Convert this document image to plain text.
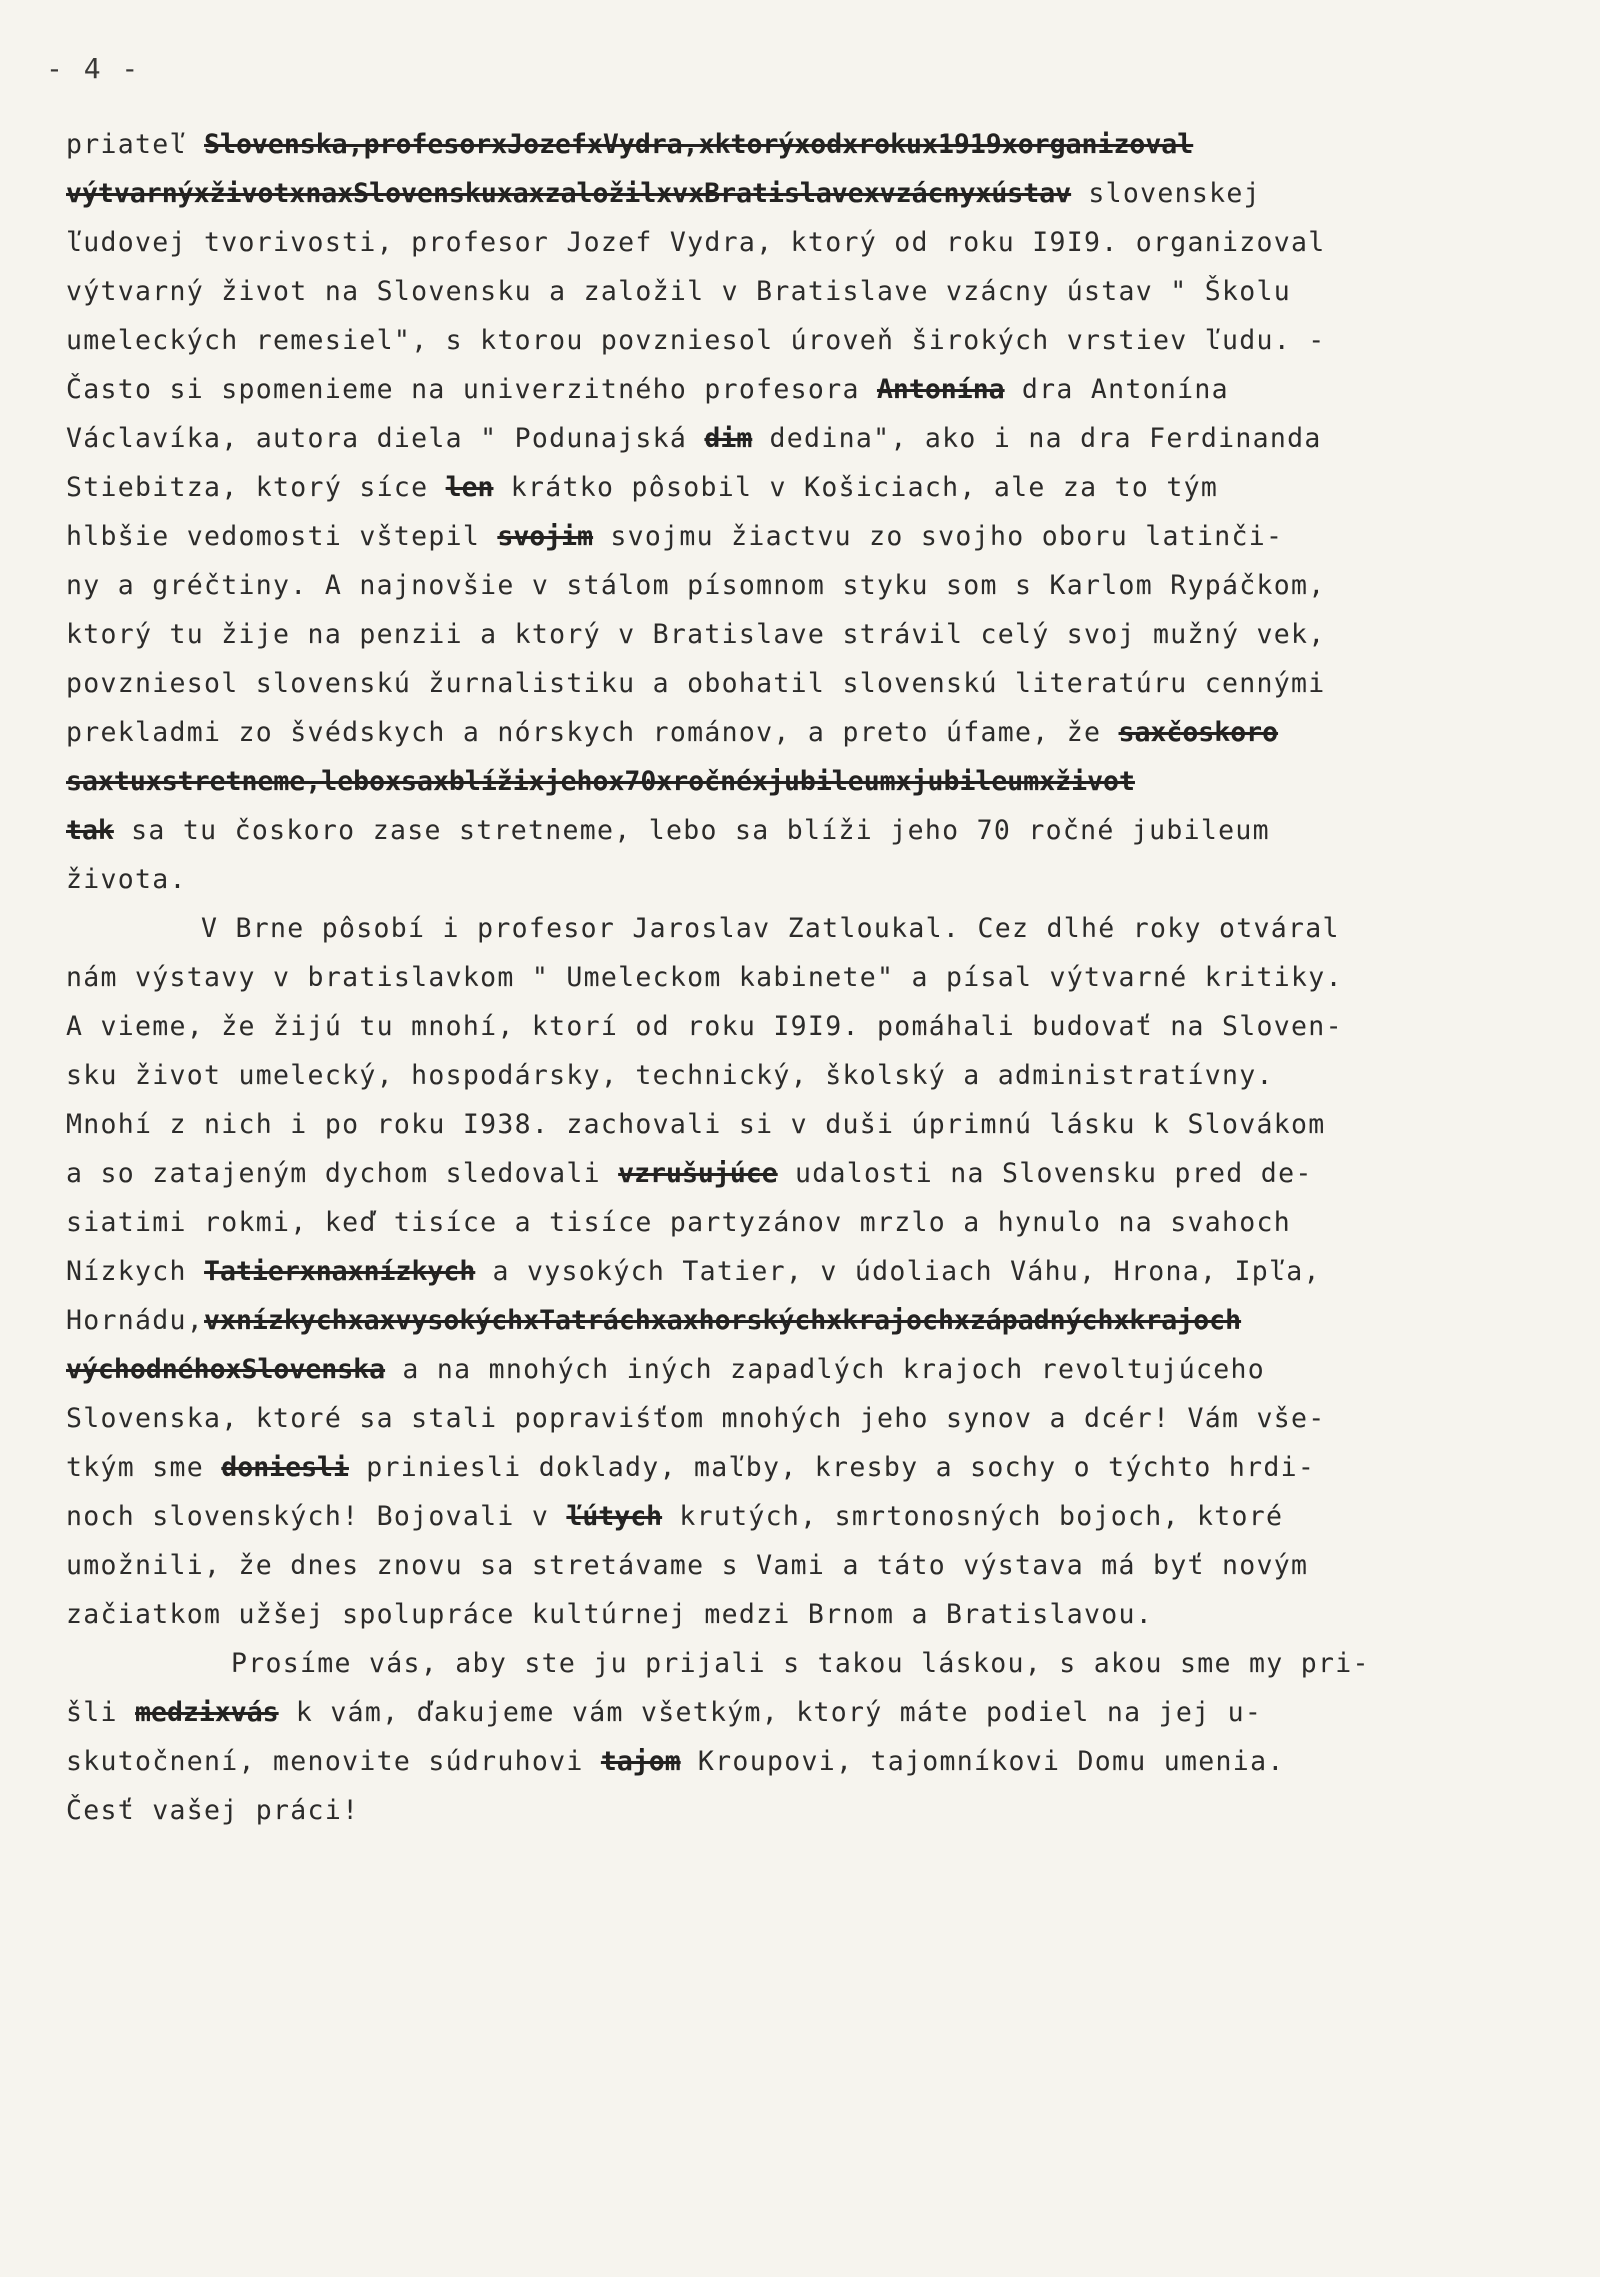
- 4 -
priateľ Slovenska,profesorxJozefxVydra,xktorýxodxrokux1919xorganizoval
výtvarnýxživotxnaxSlovenskuxaxzaložilxvxBratislavexvzácnyxústav slovenskej
ľudovej tvorivosti, profesor Jozef Vydra, ktorý od roku I9I9. organizoval
výtvarný život na Slovensku a založil v Bratislave vzácny ústav " Školu
umeleckých remesiel", s ktorou povzniesol úroveň širokých vrstiev ľudu. -
Často si spomenieme na univerzitného profesora Antonína dra Antonína
Václavíka, autora diela " Podunajská dim dedina", ako i na dra Ferdinanda
Stiebitza, ktorý síce len krátko pôsobil v Košiciach, ale za to tým
hlbšie vedomosti vštepil svojim svojmu žiactvu zo svojho oboru latinči-
ny a gréčtiny. A najnovšie v stálom písomnom styku som s Karlom Rypáčkom,
ktorý tu žije na penzii a ktorý v Bratislave strávil celý svoj mužný vek,
povzniesol slovenskú žurnalistiku a obohatil slovenskú literatúru cennými
prekladmi zo švédskych a nórskych románov, a preto úfame, že saxčoskoro
saxtuxstretneme,leboxsaxblížixjehox70xročnéxjubileumxjubileumxživot
tak sa tu čoskoro zase stretneme, lebo sa blíži jeho 70 ročné jubileum
života.
V Brne pôsobí i profesor Jaroslav Zatloukal. Cez dlhé roky otváral
nám výstavy v bratislavkom " Umeleckom kabinete" a písal výtvarné kritiky.
A vieme, že žijú tu mnohí, ktorí od roku I9I9. pomáhali budovať na Sloven-
sku život umelecký, hospodársky, technický, školský a administratívny.
Mnohí z nich i po roku I938. zachovali si v duši úprimnú lásku k Slovákom
a so zatajeným dychom sledovali vzrušujúce udalosti na Slovensku pred de-
siatimi rokmi, keď tisíce a tisíce partyzánov mrzlo a hynulo na svahoch
Nízkych Tatierxnaxnízkych a vysokých Tatier, v údoliach Váhu, Hrona, Ipľa,
Hornádu,vxnízkychxaxvysokýchxTatráchxaxhorskýchxkrajochxzápadnýchxkrajoch
východnéhoxSlovenska a na mnohých iných zapadlých krajoch revoltujúceho
Slovenska, ktoré sa stali popraviśťom mnohých jeho synov a dcér! Vám vše-
tkým sme doniesli priniesli doklady, maľby, kresby a sochy o týchto hrdi-
noch slovenských! Bojovali v ľútych krutých, smrtonosných bojoch, ktoré
umožnili, že dnes znovu sa stretávame s Vami a táto výstava má byť novým
začiatkom užšej spolupráce kultúrnej medzi Brnom a Bratislavou.
Prosíme vás, aby ste ju prijali s takou láskou, s akou sme my pri-
šli medzixvás k vám, ďakujeme vám všetkým, ktorý máte podiel na jej u-
skutočnení, menovite súdruhovi tajom Kroupovi, tajomníkovi Domu umenia.
Česť vašej práci!
